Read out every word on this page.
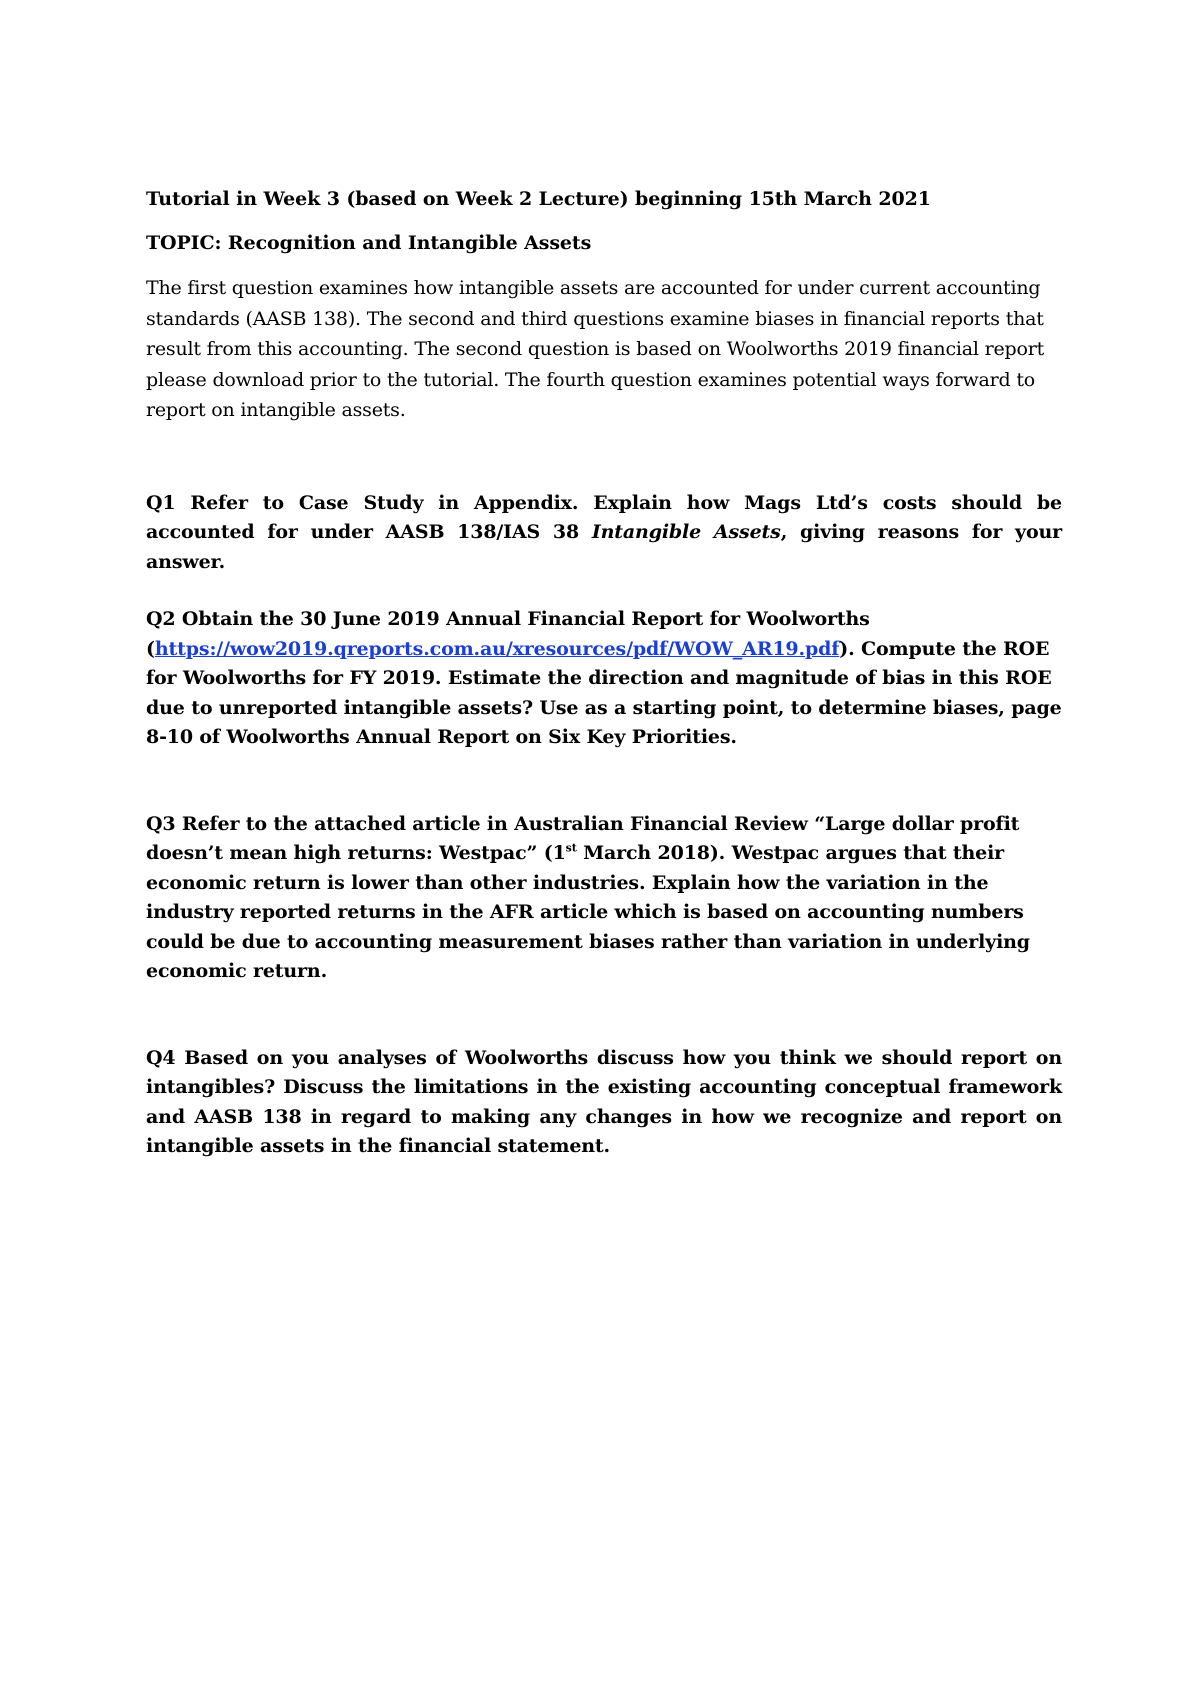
Tutorial in Week 3 (based on Week 2 Lecture) beginning 15th March 2021

TOPIC: Recognition and Intangible Assets

The first question examines how intangible assets are accounted for under current accounting standards (AASB 138). The second and third questions examine biases in financial reports that result from this accounting. The second question is based on Woolworths 2019 financial report please download prior to the tutorial. The fourth question examines potential ways forward to report on intangible assets.

Q1 Refer to Case Study in Appendix. Explain how Mags Ltd’s costs should be accounted for under AASB 138/IAS 38 Intangible Assets, giving reasons for your answer.

Q2 Obtain the 30 June 2019 Annual Financial Report for Woolworths
(https://wow2019.qreports.com.au/xresources/pdf/WOW_AR19.pdf). Compute the ROE for Woolworths for FY 2019. Estimate the direction and magnitude of bias in this ROE due to unreported intangible assets? Use as a starting point, to determine biases, page 8-10 of Woolworths Annual Report on Six Key Priorities.

Q3 Refer to the attached article in Australian Financial Review “Large dollar profit doesn’t mean high returns: Westpac” (1st March 2018). Westpac argues that their economic return is lower than other industries. Explain how the variation in the industry reported returns in the AFR article which is based on accounting numbers could be due to accounting measurement biases rather than variation in underlying economic return.

Q4 Based on you analyses of Woolworths discuss how you think we should report on intangibles? Discuss the limitations in the existing accounting conceptual framework and AASB 138 in regard to making any changes in how we recognize and report on intangible assets in the financial statement.
